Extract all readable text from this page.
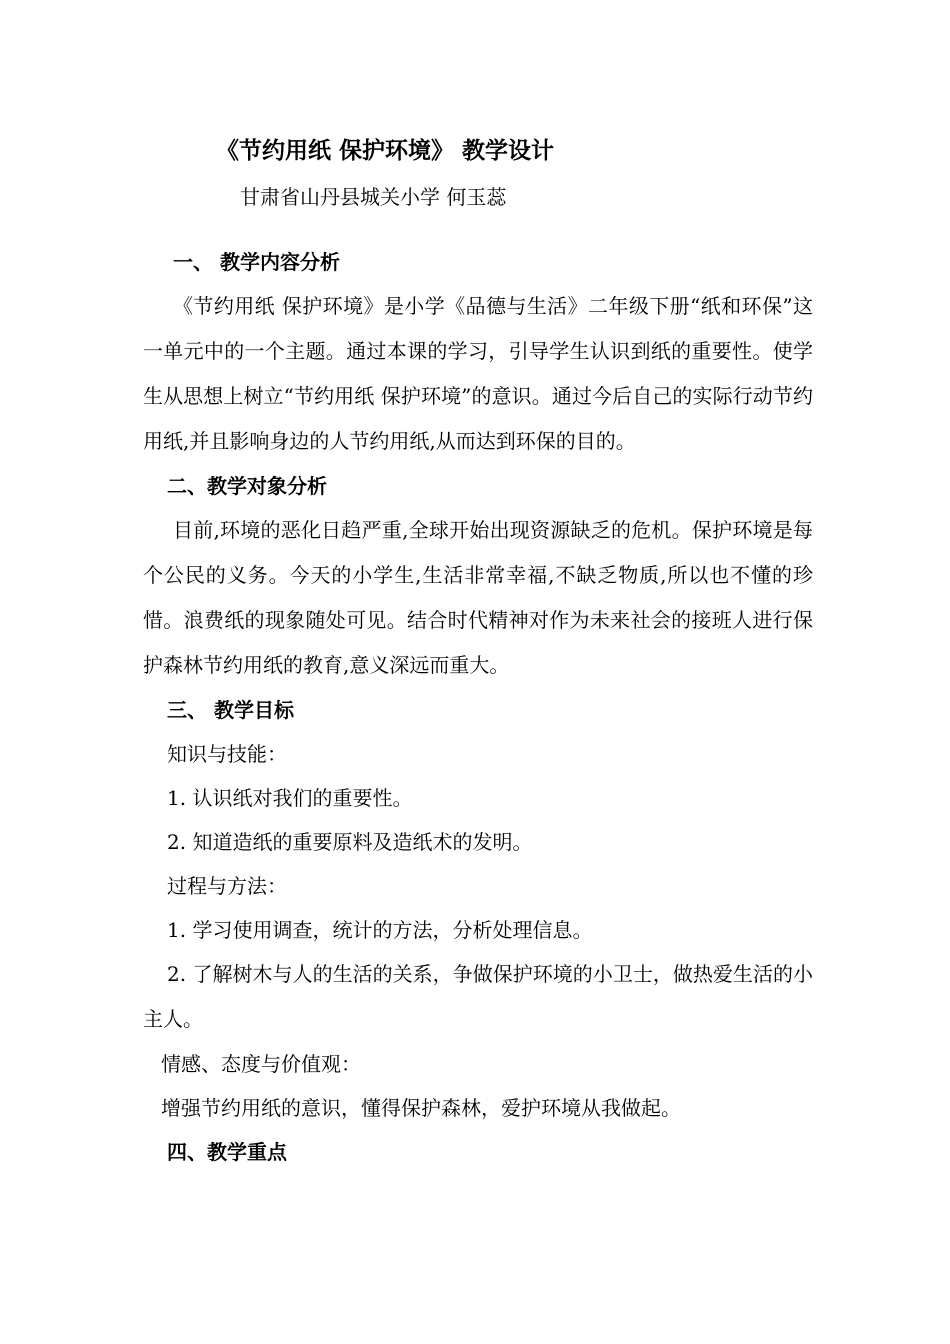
《节约用纸 保护环境》 教学设计
甘肃省山丹县城关小学 何玉蕊
一、 教学内容分析

《节约用纸 保护环境》是小学《品德与生活》二年级下册“纸和环保”这一单元中的一个主题。通过本课的学习，引导学生认识到纸的重要性。使学生从思想上树立“节约用纸 保护环境”的意识。通过今后自己的实际行动节约用纸,并且影响身边的人节约用纸,从而达到环保的目的。

二、教学对象分析

目前,环境的恶化日趋严重,全球开始出现资源缺乏的危机。保护环境是每个公民的义务。今天的小学生,生活非常幸福,不缺乏物质,所以也不懂的珍惜。浪费纸的现象随处可见。结合时代精神对作为未来社会的接班人进行保护森林节约用纸的教育,意义深远而重大。

三、 教学目标
知识与技能：
1. 认识纸对我们的重要性。
2. 知道造纸的重要原料及造纸术的发明。
过程与方法：
1. 学习使用调查，统计的方法，分析处理信息。

2. 了解树木与人的生活的关系，争做保护环境的小卫士，做热爱生活的小主人。

情感、态度与价值观：
增强节约用纸的意识，懂得保护森林，爱护环境从我做起。
四、教学重点
